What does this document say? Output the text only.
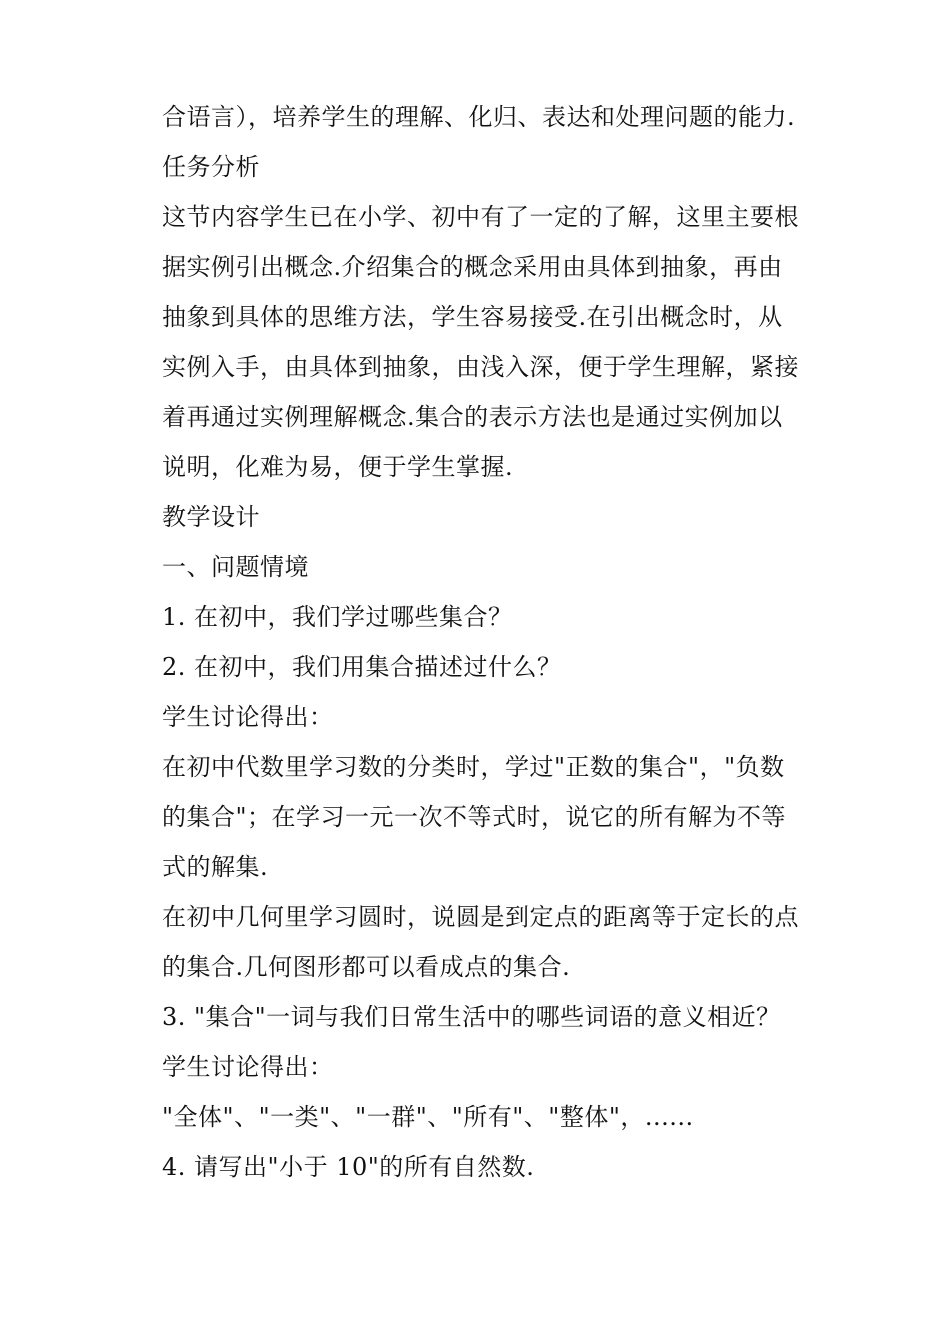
合语言），培养学生的理解、化归、表达和处理问题的能力.
任务分析
这节内容学生已在小学、初中有了一定的了解，这里主要根
据实例引出概念.介绍集合的概念采用由具体到抽象，再由
抽象到具体的思维方法，学生容易接受.在引出概念时，从
实例入手，由具体到抽象，由浅入深，便于学生理解，紧接
着再通过实例理解概念.集合的表示方法也是通过实例加以
说明，化难为易，便于学生掌握.
教学设计
一、问题情境
1. 在初中，我们学过哪些集合？
2. 在初中，我们用集合描述过什么？
学生讨论得出：
在初中代数里学习数的分类时，学过"正数的集合"，"负数
的集合"；在学习一元一次不等式时，说它的所有解为不等
式的解集.
在初中几何里学习圆时，说圆是到定点的距离等于定长的点
的集合.几何图形都可以看成点的集合.
3. "集合"一词与我们日常生活中的哪些词语的意义相近？
学生讨论得出：
"全体"、"一类"、"一群"、"所有"、"整体"，......
4. 请写出"小于 10"的所有自然数.
